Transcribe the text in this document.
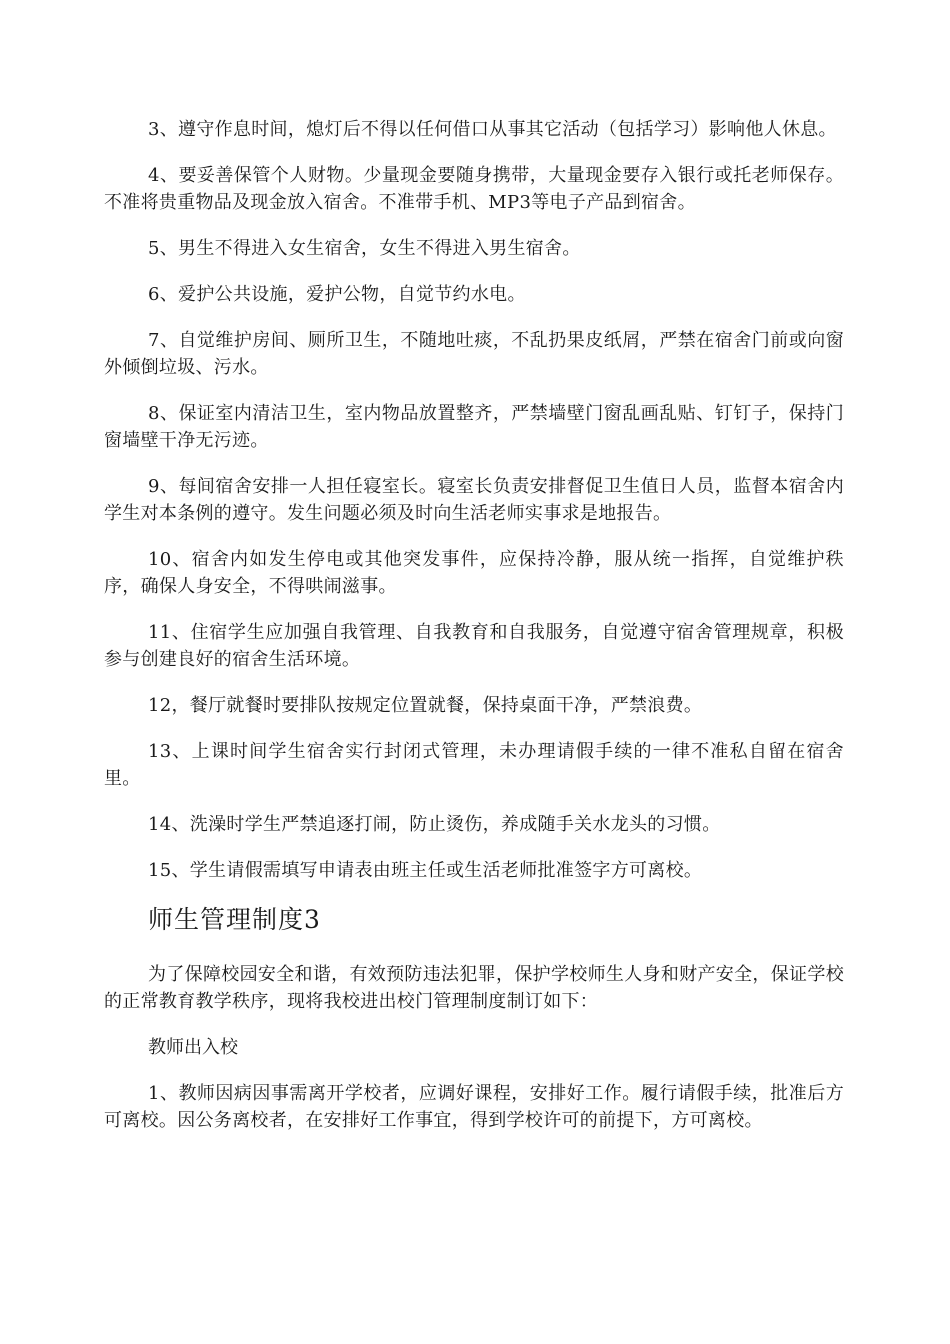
3、遵守作息时间，熄灯后不得以任何借口从事其它活动（包括学习）影响他人休息。

4、要妥善保管个人财物。少量现金要随身携带，大量现金要存入银行或托老师保存。不准将贵重物品及现金放入宿舍。不准带手机、MP3等电子产品到宿舍。

5、男生不得进入女生宿舍，女生不得进入男生宿舍。

6、爱护公共设施，爱护公物，自觉节约水电。

7、自觉维护房间、厕所卫生，不随地吐痰，不乱扔果皮纸屑，严禁在宿舍门前或向窗外倾倒垃圾、污水。

8、保证室内清洁卫生，室内物品放置整齐，严禁墙壁门窗乱画乱贴、钉钉子，保持门窗墙壁干净无污迹。

9、每间宿舍安排一人担任寝室长。寝室长负责安排督促卫生值日人员，监督本宿舍内学生对本条例的遵守。发生问题必须及时向生活老师实事求是地报告。

10、宿舍内如发生停电或其他突发事件，应保持冷静，服从统一指挥，自觉维护秩序，确保人身安全，不得哄闹滋事。

11、住宿学生应加强自我管理、自我教育和自我服务，自觉遵守宿舍管理规章，积极参与创建良好的宿舍生活环境。

12，餐厅就餐时要排队按规定位置就餐，保持桌面干净，严禁浪费。

13、上课时间学生宿舍实行封闭式管理，未办理请假手续的一律不准私自留在宿舍里。

14、洗澡时学生严禁追逐打闹，防止烫伤，养成随手关水龙头的习惯。

15、学生请假需填写申请表由班主任或生活老师批准签字方可离校。

师生管理制度3

为了保障校园安全和谐，有效预防违法犯罪，保护学校师生人身和财产安全，保证学校的正常教育教学秩序，现将我校进出校门管理制度制订如下：

教师出入校

1、教师因病因事需离开学校者，应调好课程，安排好工作。履行请假手续，批准后方可离校。因公务离校者，在安排好工作事宜，得到学校许可的前提下，方可离校。
